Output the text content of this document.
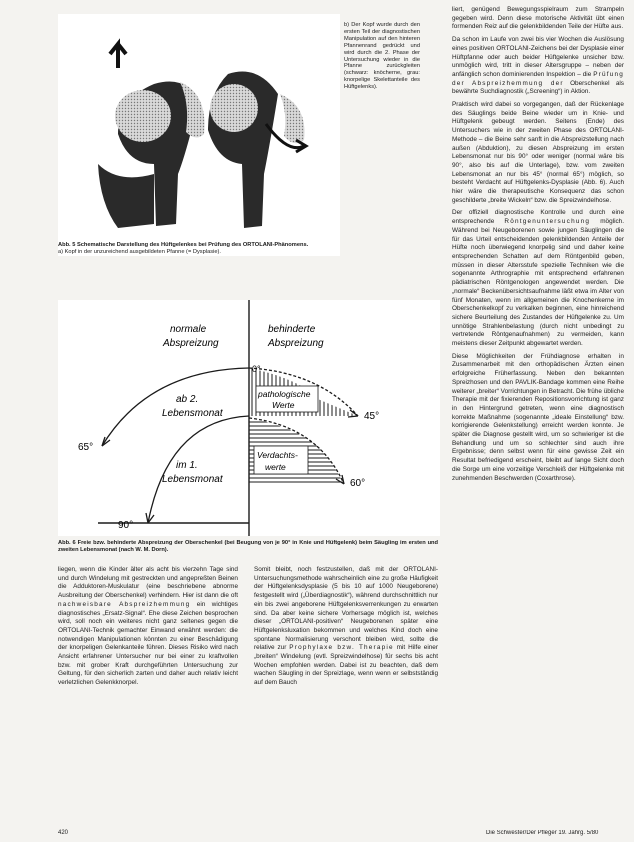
b) Der Kopf wurde durch den ersten Teil der diagnostischen Manipulation auf den hinteren Pfannenrand gedrückt und wird durch die 2. Phase der Untersuchung wieder in die Pfanne zurückgleiten (schwarz: knöcherne, grau: knorpelige Skelettanteile des Hüftgelenks).

Abb. 5 Schematische Darstellung des Hüftgelenkes bei Prüfung des ORTOLANI-Phänomens.
a) Kopf in der unzureichend ausgebildeten Pfanne (= Dysplasie).
normale
Abspreizung
behinderte
Abspreizung
0°
65°
90°
45°
60°
ab 2.
Lebensmonat
im 1.
Lebensmonat
pathologische
Werte
Verdachts-
werte

Abb. 6 Freie bzw. behinderte Abspreizung der Oberschenkel (bei Beugung von je 90° in Knie und Hüftgelenk) beim Säugling im ersten und zweiten Lebensmonat (nach W. M. Dorn).

liert, genügend Bewegungsspielraum zum Strampeln gegeben wird. Denn diese motorische Aktivität übt einen formenden Reiz auf die gelenkbildenden Teile der Hüfte aus.

Da schon im Laufe von zwei bis vier Wochen die Auslösung eines positiven ORTOLANI-Zeichens bei der Dysplasie einer Hüftpfanne oder auch beider Hüftgelenke unsicher bzw. unmöglich wird, tritt in dieser Altersgruppe – neben der anfänglich schon dominierenden Inspektion – die Prüfung der Abspreizhemmung der Oberschenkel als bewährte Suchdiagnostik („Screening“) in Aktion.

Praktisch wird dabei so vorgegangen, daß der Rückenlage des Säuglings beide Beine wieder um in Knie- und Hüftgelenk gebeugt werden. Seitens (Ende) des Untersuchers wie in der zweiten Phase des ORTOLANI-Methode – die Beine sehr sanft in die Abspreizstellung nach außen (Abduktion), zu diesen Abspreizung im ersten Lebensmonat nur bis 90° oder weniger (normal wäre bis 90°, also bis auf die Unterlage), bzw. vom zweiten Lebensmonat an nur bis 45° (normal 65°) möglich, so besteht Verdacht auf Hüftgelenks-Dysplasie (Abb. 6). Auch hier wäre die therapeutische Konsequenz das schon geschilderte „breite Wickeln“ bzw. die Spreizwindelhose.

Der offiziell diagnostische Kontrolle und durch eine entsprechende Röntgenuntersuchung möglich. Während bei Neugeborenen sowie jungen Säuglingen die für das Urteil entscheidenden gelenkbildenden Anteile der Hüfte noch überwiegend knorpelig sind und daher keine entsprechenden Schatten auf dem Röntgenbild geben, müssen in dieser Altersstufe spezielle Techniken wie die sogenannte Arthrographie mit entsprechend erfahrenen pädiatrischen Röntgenologen angewendet werden. Die „normale“ Beckenübersichtsaufnahme läßt etwa im Alter von fünf Monaten, wenn im allgemeinen die Knochenkerne im Oberschenkelkopf zu verkalken beginnen, eine hinreichend sichere Beurteilung des Zustandes der Hüftgelenke zu. Um unnötige Strahlenbelastung (durch nicht unbedingt zu vertretende Röntgenaufnahmen) zu vermeiden, kann meistens dieser Zeitpunkt abgewartet werden.

Diese Möglichkeiten der Frühdiagnose erhalten in Zusammenarbeit mit den orthopädischen Ärzten einen erfolgreiche Früherfassung. Neben den bekannten Spreizhosen und den PAVLIK-Bandage kommen eine Reihe weiterer „breiter“ Vorrichtungen in Betracht. Die frühe übliche Therapie mit der fixierenden Repositionsvorrichtung ist ganz in den Hintergrund getreten, wenn eine diagnostisch korrekte Maßnahme (sogenannte „ideale Einstellung“ bzw. korrigierende Gelenkstellung) erreicht werden konnte. Je später die Diagnose gestellt wird, um so schwieriger ist die Behandlung und um so schlechter sind auch ihre Ergebnisse; denn selbst wenn für eine gewisse Zeit ein Resultat befriedigend erscheint, bleibt auf lange Sicht doch die Sorge um eine vorzeitige Verschleiß der Hüftgelenke mit zunehmenden Beschwerden (Coxarthrose).

liegen, wenn die Kinder älter als acht bis vierzehn Tage sind und durch Windelung mit gestreckten und angepreßten Beinen die Adduktoren-Muskulatur (eine beschriebene abnorme Ausbreitung der Oberschenkel) verhindern. Hier ist dann die oft nachweisbare Abspreizhemmung ein wichtiges diagnostisches „Ersatz-Signal“. Ehe diese Zeichen besprochen wird, soll noch ein weiteres nicht ganz seltenes gegen die ORTOLANI-Technik gemachter Einwand erwähnt werden: die notwendigen Manipulationen könnten zu einer Beschädigung der knorpeligen Gelenkanteile führen. Dieses Risiko wird nach Ansicht erfahrener Untersucher nur bei einer zu kraftvollen bzw. mit grober Kraft durchgeführten Untersuchung zur Geltung, für den sicherlich zarten und daher auch relativ leicht verletzlichen Gelenkknorpel.

Somit bleibt, noch festzustellen, daß mit der ORTOLANI-Untersuchungsmethode wahrscheinlich eine zu große Häufigkeit der Hüftgelenksdysplasie (5 bis 10 auf 1000 Neugeborene) festgestellt wird („Überdiagnostik“), während durchschnittlich nur ein bis zwei angeborene Hüftgelenksverrenkungen zu erwarten sind. Da aber keine sichere Vorhersage möglich ist, welches dieser „ORTOLANI-positiven“ Neugeborenen später eine Hüftgelenksluxation bekommen und welches Kind doch eine spontane Normalisierung verschont bleiben wird, sollte die relative zur Prophylaxe bzw. Therapie mit Hilfe einer „breiten“ Windelung (evtl. Spreizwindelhose) für sechs bis acht Wochen empfohlen werden. Dabei ist zu beachten, daß dem wachen Säugling in der Spreizlage, wenn wenn er selbstständig auf dem Bauch

420	Die Schwester/Der Pfleger 19. Jahrg. 5/80
